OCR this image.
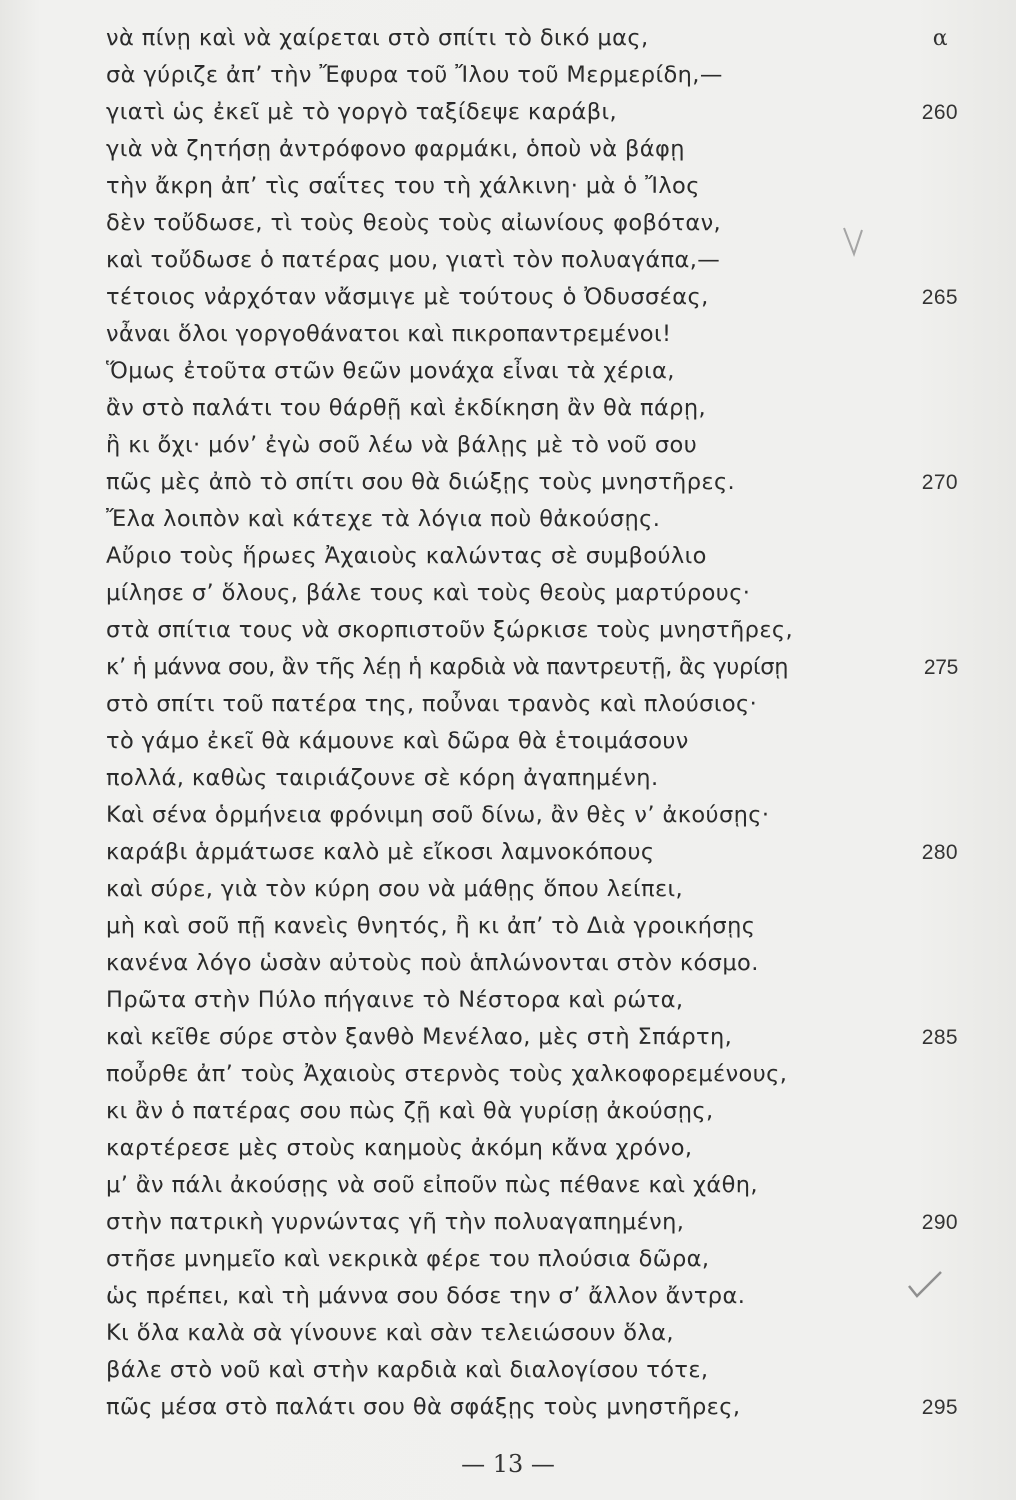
νὰ πίνῃ καὶ νὰ χαίρεται στὸ σπίτι τὸ δικό μας,	α
σὰ γύριζε ἀπ’ τὴν Ἔφυρα τοῦ Ἴλου τοῦ Μερμερίδη,—
γιατὶ ὡς ἐκεῖ μὲ τὸ γοργὸ ταξίδεψε καράβι,	260
γιὰ νὰ ζητήσῃ ἀντρόφονο φαρμάκι, ὁποὺ νὰ βάφῃ
τὴν ἄκρη ἀπ’ τὶς σαΐτες του τὴ χάλκινη· μὰ ὁ Ἴλος
δὲν τοὔδωσε, τὶ τοὺς θεοὺς τοὺς αἰωνίους φοβόταν,
καὶ τοὔδωσε ὁ πατέρας μου, γιατὶ τὸν πολυαγάπα,—
τέτοιος νἀρχόταν νἄσμιγε μὲ τούτους ὁ Ὀδυσσέας,	265
νἆναι ὅλοι γοργοθάνατοι καὶ πικροπαντρεμένοι!
Ὅμως ἐτοῦτα στῶν θεῶν μονάχα εἶναι τὰ χέρια,
ἂν στὸ παλάτι του θάρθῇ καὶ ἐκδίκηση ἂν θὰ πάρῃ,
ἢ κι ὄχι· μόν’ ἐγὼ σοῦ λέω νὰ βάλῃς μὲ τὸ νοῦ σου
πῶς μὲς ἀπὸ τὸ σπίτι σου θὰ διώξῃς τοὺς μνηστῆρες.	270
Ἔλα λοιπὸν καὶ κάτεχε τὰ λόγια ποὺ θἀκούσῃς.
Αὔριο τοὺς ἥρωες Ἀχαιοὺς καλώντας σὲ συμβούλιο
μίλησε σ’ ὅλους, βάλε τους καὶ τοὺς θεοὺς μαρτύρους·
στὰ σπίτια τους νὰ σκορπιστοῦν ξώρκισε τοὺς μνηστῆρες,
κ’ ἡ μάννα σου, ἂν τῆς λέῃ ἡ καρδιὰ νὰ παντρευτῇ, ἂς γυρίσῃ	275
στὸ σπίτι τοῦ πατέρα της, ποὖναι τρανὸς καὶ πλούσιος·
τὸ γάμο ἐκεῖ θὰ κάμουνε καὶ δῶρα θὰ ἑτοιμάσουν
πολλά, καθὼς ταιριάζουνε σὲ κόρη ἀγαπημένη.
Καὶ σένα ὁρμήνεια φρόνιμη σοῦ δίνω, ἂν θὲς ν’ ἀκούσῃς·
καράβι ἁρμάτωσε καλὸ μὲ εἴκοσι λαμνοκόπους	280
καὶ σύρε, γιὰ τὸν κύρη σου νὰ μάθῃς ὅπου λείπει,
μὴ καὶ σοῦ πῇ κανεὶς θνητός, ἢ κι ἀπ’ τὸ Διὰ γροικήσῃς
κανένα λόγο ὡσὰν αὐτοὺς ποὺ ἁπλώνονται στὸν κόσμο.
Πρῶτα στὴν Πύλο πήγαινε τὸ Νέστορα καὶ ρώτα,
καὶ κεῖθε σύρε στὸν ξανθὸ Μενέλαο, μὲς στὴ Σπάρτη,	285
ποὖρθε ἀπ’ τοὺς Ἀχαιοὺς στερνὸς τοὺς χαλκοφορεμένους,
κι ἂν ὁ πατέρας σου πὼς ζῇ καὶ θὰ γυρίσῃ ἀκούσῃς,
καρτέρεσε μὲς στοὺς καημοὺς ἀκόμη κἄνα χρόνο,
μ’ ἂν πάλι ἀκούσῃς νὰ σοῦ εἰποῦν πὼς πέθανε καὶ χάθη,
στὴν πατρικὴ γυρνώντας γῆ τὴν πολυαγαπημένη,	290
στῆσε μνημεῖο καὶ νεκρικὰ φέρε του πλούσια δῶρα,
ὡς πρέπει, καὶ τὴ μάννα σου δόσε την σ’ ἄλλον ἄντρα.
Κι ὅλα καλὰ σὰ γίνουνε καὶ σὰν τελειώσουν ὅλα,
βάλε στὸ νοῦ καὶ στὴν καρδιὰ καὶ διαλογίσου τότε,
πῶς μέσα στὸ παλάτι σου θὰ σφάξῃς τοὺς μνηστῆρες,	295
— 13 —
